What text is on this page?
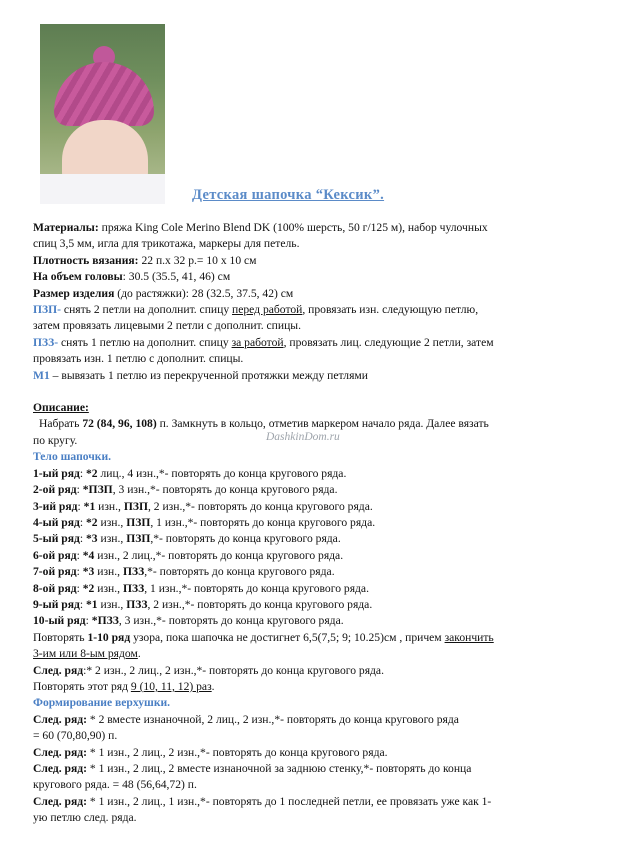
Детская шапочка “Кексик”.
DashkinDom.ru
Материалы: пряжа King Cole Merino Blend DK (100% шерсть, 50 г/125 м), набор чулочных
спиц 3,5 мм, игла для трикотажа, маркеры для петель.
Плотность вязания: 22 п.х 32 р.= 10 х 10 см
На объем головы: 30.5 (35.5, 41, 46) см
Размер изделия (до растяжки): 28 (32.5, 37.5, 42) см
ПЗП- снять 2 петли на дополнит. спицу перед работой, провязать изн. следующую петлю,
затем провязать лицевыми 2 петли с дополнит. спицы.
ПЗЗ- снять 1 петлю на дополнит. спицу за работой, провязать лиц. следующие 2 петли, затем
провязать изн. 1 петлю с дополнит. спицы.
М1 – вывязать 1 петлю из перекрученной протяжки между петлями
Описание:
Набрать 72 (84, 96, 108) п. Замкнуть в кольцо, отметив маркером начало ряда. Далее вязать
по кругу.
Тело шапочки.
1-ый ряд: *2 лиц., 4 изн.,*- повторять до конца кругового ряда.
2-ой ряд: *ПЗП, 3 изн.,*- повторять до конца кругового ряда.
3-ий ряд: *1 изн., ПЗП, 2 изн.,*- повторять до конца кругового ряда.
4-ый ряд: *2 изн., ПЗП, 1 изн.,*- повторять до конца кругового ряда.
5-ый ряд: *3 изн., ПЗП,*- повторять до конца кругового ряда.
6-ой ряд: *4 изн., 2 лиц.,*- повторять до конца кругового ряда.
7-ой ряд: *3 изн., ПЗЗ,*- повторять до конца кругового ряда.
8-ой ряд: *2 изн., ПЗЗ, 1 изн.,*- повторять до конца кругового ряда.
9-ый ряд: *1 изн., ПЗЗ, 2 изн.,*- повторять до конца кругового ряда.
10-ый ряд: *ПЗЗ, 3 изн.,*- повторять до конца кругового ряда.
Повторять 1-10 ряд узора, пока шапочка не достигнет 6,5(7,5; 9; 10.25)см , причем закончить
3-им или 8-ым рядом.
След. ряд:* 2 изн., 2 лиц., 2 изн.,*- повторять до конца кругового ряда.
Повторять этот ряд 9 (10, 11, 12) раз.
Формирование верхушки.
След. ряд: * 2 вместе изнаночной, 2 лиц., 2 изн.,*- повторять до конца кругового ряда
= 60 (70,80,90) п.
След. ряд: * 1 изн., 2 лиц., 2 изн.,*- повторять до конца кругового ряда.
След. ряд: * 1 изн., 2 лиц., 2 вместе изнаночной за заднюю стенку,*- повторять до конца
кругового ряда. = 48 (56,64,72) п.
След. ряд: * 1 изн., 2 лиц., 1 изн.,*- повторять до 1 последней петли, ее провязать уже как 1-
ую петлю след. ряда.
